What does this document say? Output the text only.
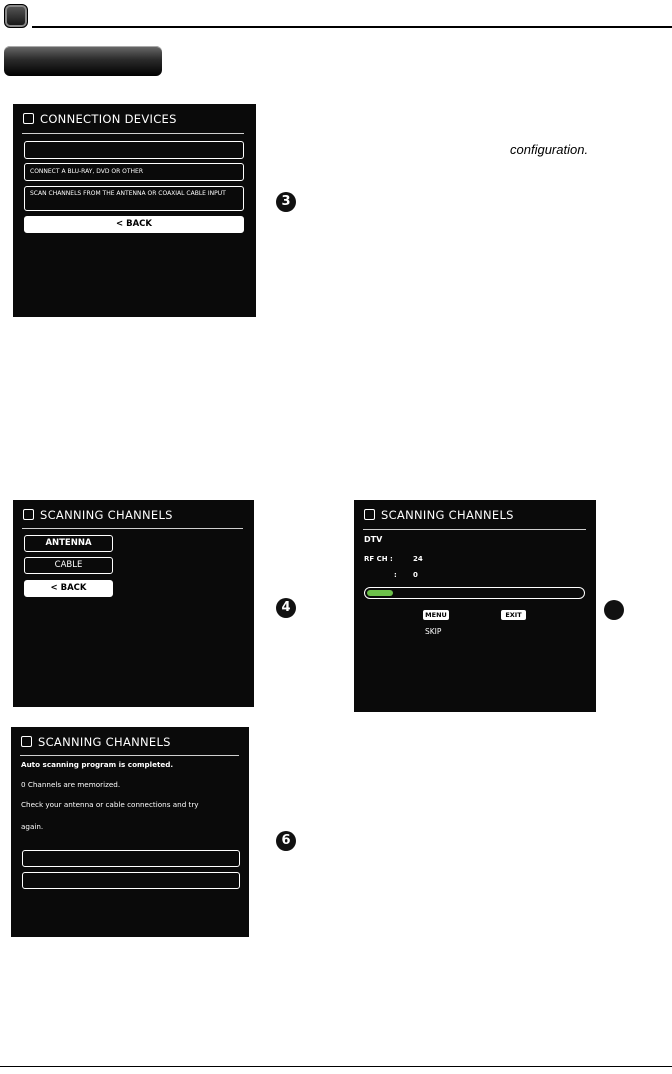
CONNECTION DEVICES
CONNECT A BLU-RAY, DVD OR OTHER
SCAN CHANNELS FROM THE ANTENNA OR COAXIAL CABLE INPUT
< BACK
configuration.
3
SCANNING CHANNELS
ANTENNA
CABLE
< BACK
4
SCANNING CHANNELS
DTV
RF CH :	24
: 0
MENU	EXIT
SKIP
SCANNING CHANNELS
Auto scanning program is completed.
0 Channels are memorized.
Check your antenna or cable connections and try
again.
6
